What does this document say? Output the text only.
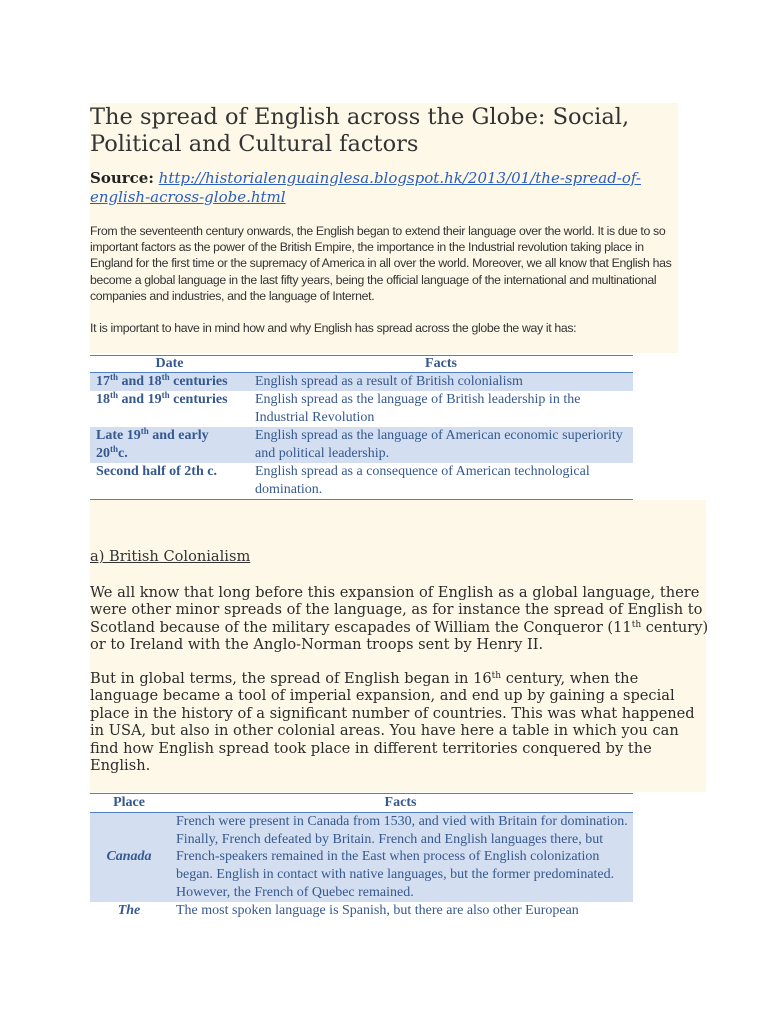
The spread of English across the Globe: Social, Political and Cultural factors
Source: http://historialenguainglesa.blogspot.hk/2013/01/the-spread-of-english-across-globe.html
From the seventeenth century onwards, the English began to extend their language over the world. It is due to so important factors as the power of the British Empire, the importance in the Industrial revolution taking place in England for the first time or the supremacy of America in all over the world. Moreover, we all know that English has become a global language in the last fifty years, being the official language of the international and multinational companies and industries, and the language of Internet.
It is important to have in mind how and why English has spread across the globe the way it has:
Date	Facts
17th and 18th centuries	English spread as a result of British colonialism
18th and 19th centuries	English spread as the language of British leadership in the Industrial Revolution
Late 19th and early 20thc.	English spread as the language of American economic superiority and political leadership.
Second half of 2th c.	English spread as a consequence of American technological domination.
a) British Colonialism
We all know that long before this expansion of English as a global language, there were other minor spreads of the language, as for instance the spread of English to Scotland because of the military escapades of William the Conqueror (11th century) or to Ireland with the Anglo-Norman troops sent by Henry II.
But in global terms, the spread of English began in 16th century, when the language became a tool of imperial expansion, and end up by gaining a special place in the history of a significant number of countries. This was what happened in USA, but also in other colonial areas. You have here a table in which you can find how English spread took place in different territories conquered by the English.
Place	Facts
Canada	French were present in Canada from 1530, and vied with Britain for domination. Finally, French defeated by Britain. French and English languages there, but French-speakers remained in the East when process of English colonization began. English in contact with native languages, but the former predominated. However, the French of Quebec remained.
The	The most spoken language is Spanish, but there are also other European
